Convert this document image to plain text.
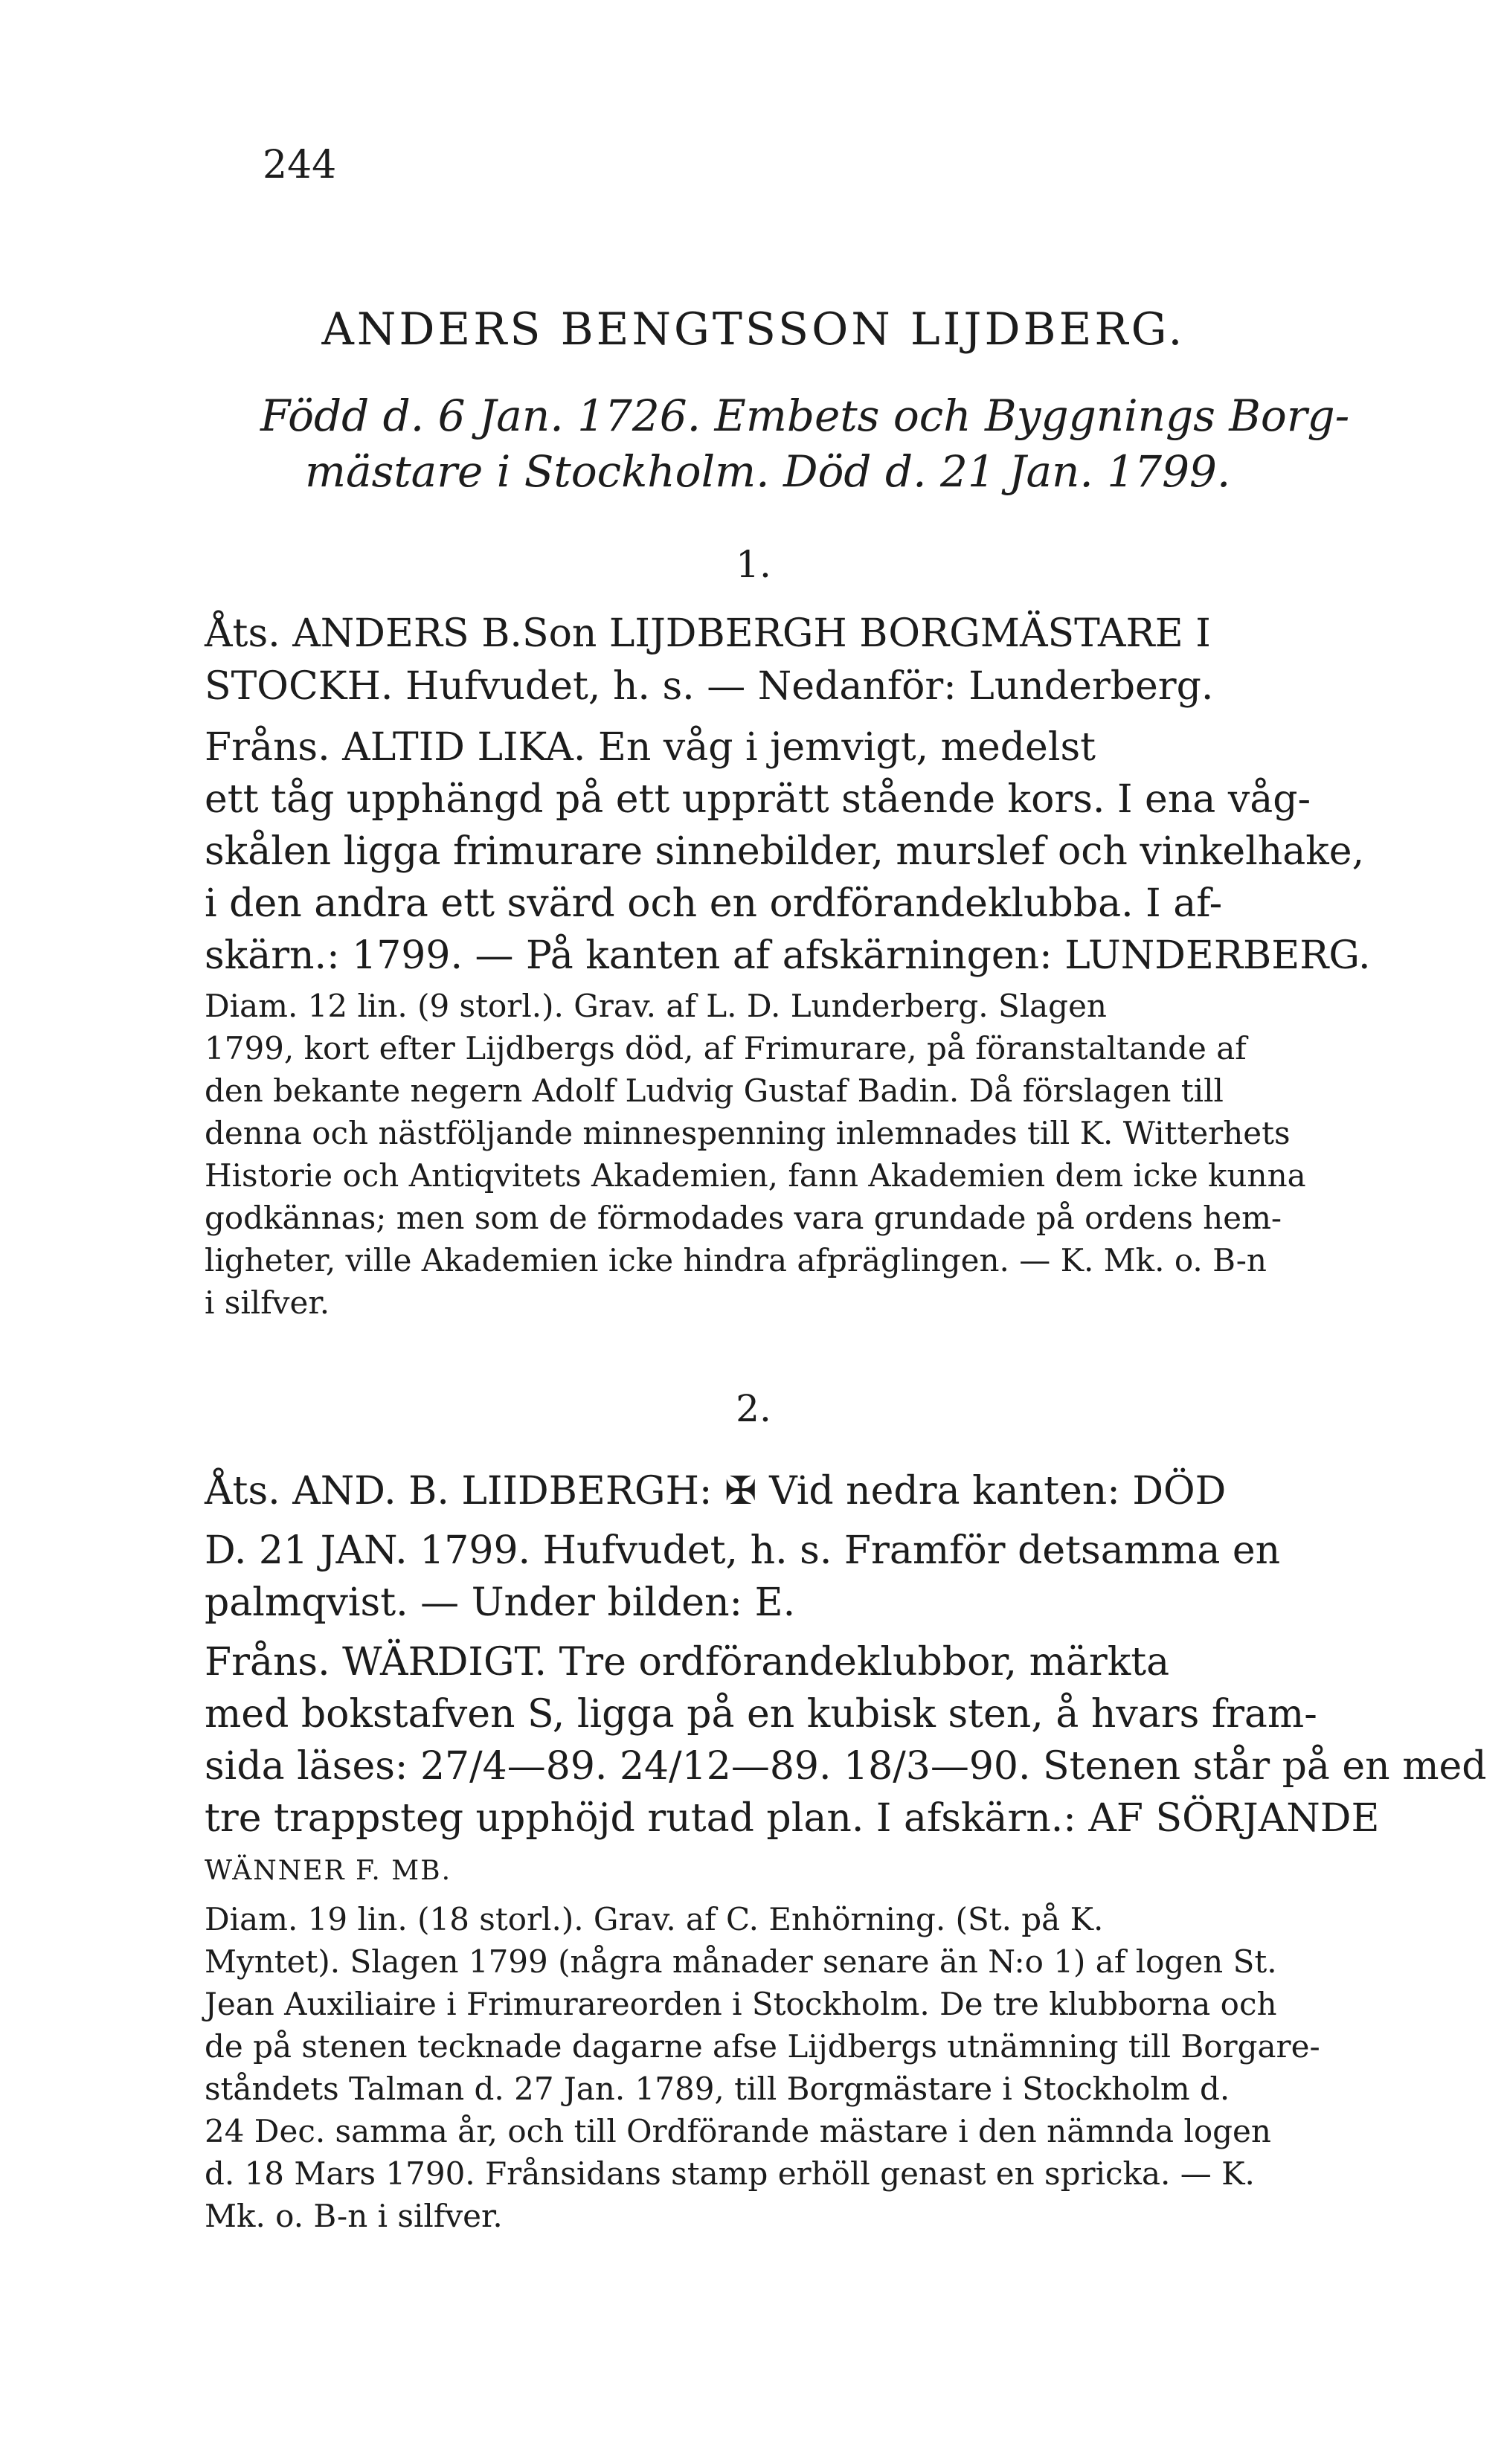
244
ANDERS BENGTSSON LIJDBERG.
Född d. 6 Jan. 1726. Embets och Byggnings Borg-
mästare i Stockholm. Död d. 21 Jan. 1799.
1.
Åts. ANDERS B.Son LIJDBERGH BORGMÄSTARE I
STOCKH. Hufvudet, h. s. — Nedanför: Lunderberg.
Fråns. ALTID LIKA. En våg i jemvigt, medelst
ett tåg upphängd på ett upprätt stående kors. I ena våg-
skålen ligga frimurare sinnebilder, murslef och vinkelhake,
i den andra ett svärd och en ordförandeklubba. I af-
skärn.: 1799. — På kanten af afskärningen: LUNDERBERG.
Diam. 12 lin. (9 storl.). Grav. af L. D. Lunderberg. Slagen
1799, kort efter Lijdbergs död, af Frimurare, på föranstaltande af
den bekante negern Adolf Ludvig Gustaf Badin. Då förslagen till
denna och nästföljande minnespenning inlemnades till K. Witterhets
Historie och Antiqvitets Akademien, fann Akademien dem icke kunna
godkännas; men som de förmodades vara grundade på ordens hem-
ligheter, ville Akademien icke hindra afpräglingen. — K. Mk. o. B-n
i silfver.
2.
Åts. AND. B. LIIDBERGH: ✠ Vid nedra kanten: DÖD
D. 21 JAN. 1799. Hufvudet, h. s. Framför detsamma en
palmqvist. — Under bilden: E.
Fråns. WÄRDIGT. Tre ordförandeklubbor, märkta
med bokstafven S, ligga på en kubisk sten, å hvars fram-
sida läses: 27/4—89. 24/12—89. 18/3—90. Stenen står på en med
tre trappsteg upphöjd rutad plan. I afskärn.: AF SÖRJANDE
WÄNNER F. MB.
Diam. 19 lin. (18 storl.). Grav. af C. Enhörning. (St. på K.
Myntet). Slagen 1799 (några månader senare än N:o 1) af logen St.
Jean Auxiliaire i Frimurareorden i Stockholm. De tre klubborna och
de på stenen tecknade dagarne afse Lijdbergs utnämning till Borgare-
ståndets Talman d. 27 Jan. 1789, till Borgmästare i Stockholm d.
24 Dec. samma år, och till Ordförande mästare i den nämnda logen
d. 18 Mars 1790. Frånsidans stamp erhöll genast en spricka. — K.
Mk. o. B-n i silfver.
